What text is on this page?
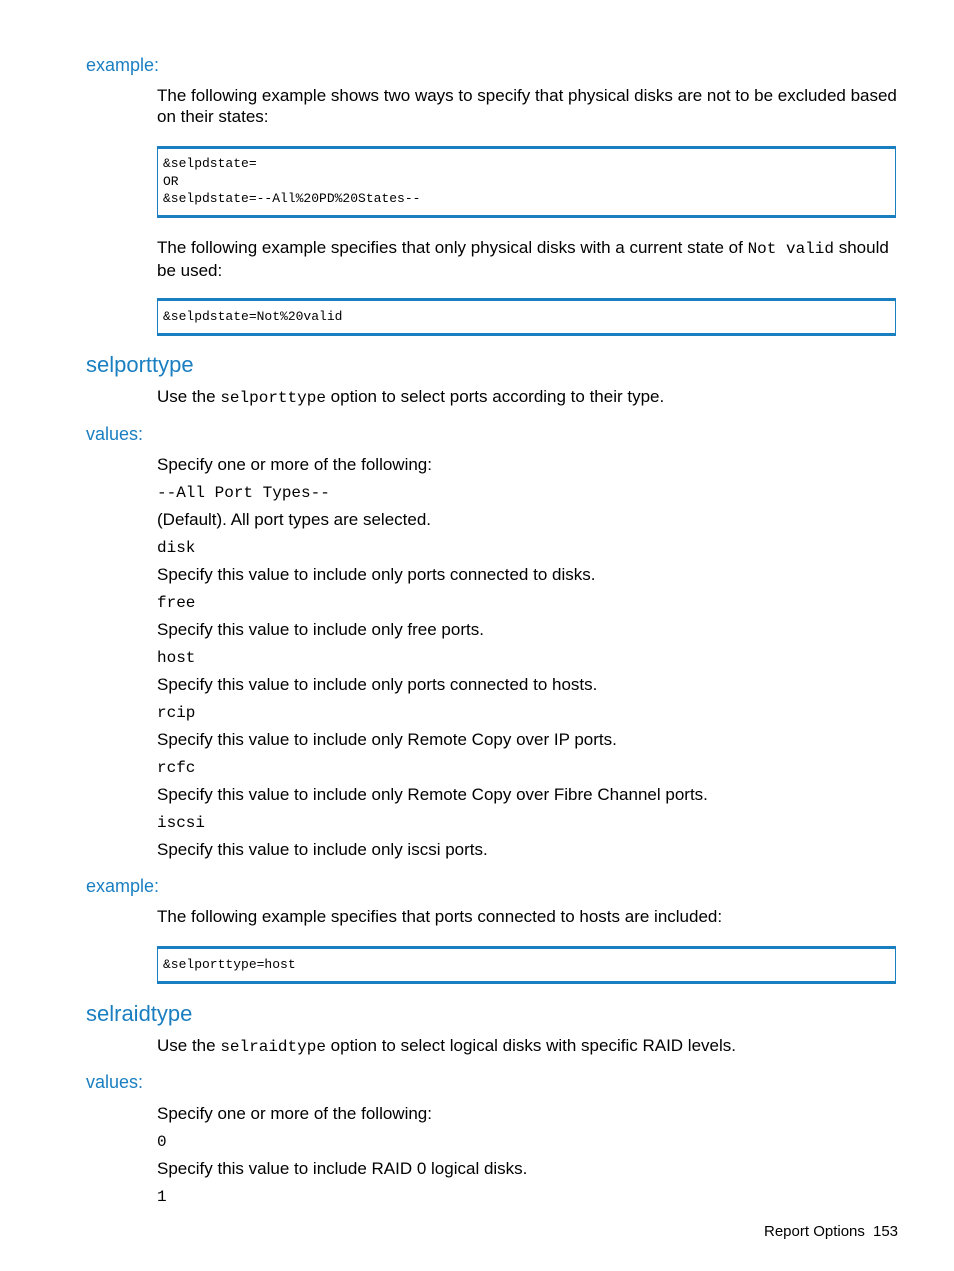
example:
The following example shows two ways to specify that physical disks are not to be excluded based on their states:
&selpdstate=
OR
&selpdstate=--All%20PD%20States--
The following example specifies that only physical disks with a current state of Not valid should be used:
&selpdstate=Not%20valid
selporttype
Use the selporttype option to select ports according to their type.
values:
Specify one or more of the following:
--All Port Types--
(Default). All port types are selected.
disk
Specify this value to include only ports connected to disks.
free
Specify this value to include only free ports.
host
Specify this value to include only ports connected to hosts.
rcip
Specify this value to include only Remote Copy over IP ports.
rcfc
Specify this value to include only Remote Copy over Fibre Channel ports.
iscsi
Specify this value to include only iscsi ports.
example:
The following example specifies that ports connected to hosts are included:
&selporttype=host
selraidtype
Use the selraidtype option to select logical disks with specific RAID levels.
values:
Specify one or more of the following:
0
Specify this value to include RAID 0 logical disks.
1
Report Options 153
